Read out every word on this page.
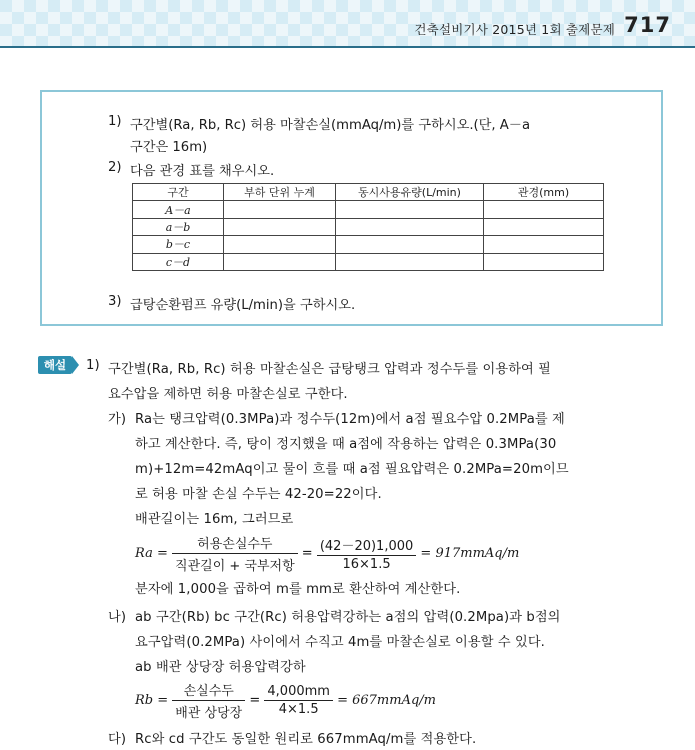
건축설비기사 2015년 1회 출제문제 717
1) 구간별(Ra, Rb, Rc) 허용 마찰손실(mmAq/m)를 구하시오.(단, A－a
구간은 16m)
2) 다음 관경 표를 채우시오.
구간	부하 단위 누계	동시사용유량(L/min)	관경(mm)
A－a			
a－b			
b－c			
c－d			
3) 급탕순환펌프 유량(L/min)을 구하시오.
해설	1) 구간별(Ra, Rb, Rc) 허용 마찰손실은 급탕탱크 압력과 정수두를 이용하여 필
요수압을 제하면 허용 마찰손실로 구한다.
가) Ra는 탱크압력(0.3MPa)과 정수두(12m)에서 a점 필요수압 0.2MPa를 제
하고 계산한다. 즉, 탕이 정지했을 때 a점에 작용하는 압력은 0.3MPa(30
m)+12m=42mAq이고 물이 흐를 때 a점 필요압력은 0.2MPa=20m이므
로 허용 마찰 손실 수두는 42-20=22이다.
배관길이는 16m, 그러므로
$Ra = \frac{\text{허용손실수두}}{\text{직관길이 + 국부저항}} = \frac{(42-20)1,000}{16\times 1.5}$ = 917mmAq/m
분자에 1,000을 곱하여 m를 mm로 환산하여 계산한다.
나) ab 구간(Rb) bc 구간(Rc) 허용압력강하는 a점의 압력(0.2Mpa)과 b점의
요구압력(0.2MPa) 사이에서 수직고 4m를 마찰손실로 이용할 수 있다.
ab 배관 상당장 허용압력강하
$Rb = \frac{\text{손실수두}}{\text{배관 상당장}} = \frac{4,000mm}{4\times 1.5}$ = 667mmAq/m
다) Rc와 cd 구간도 동일한 원리로 667mmAq/m를 적용한다.
